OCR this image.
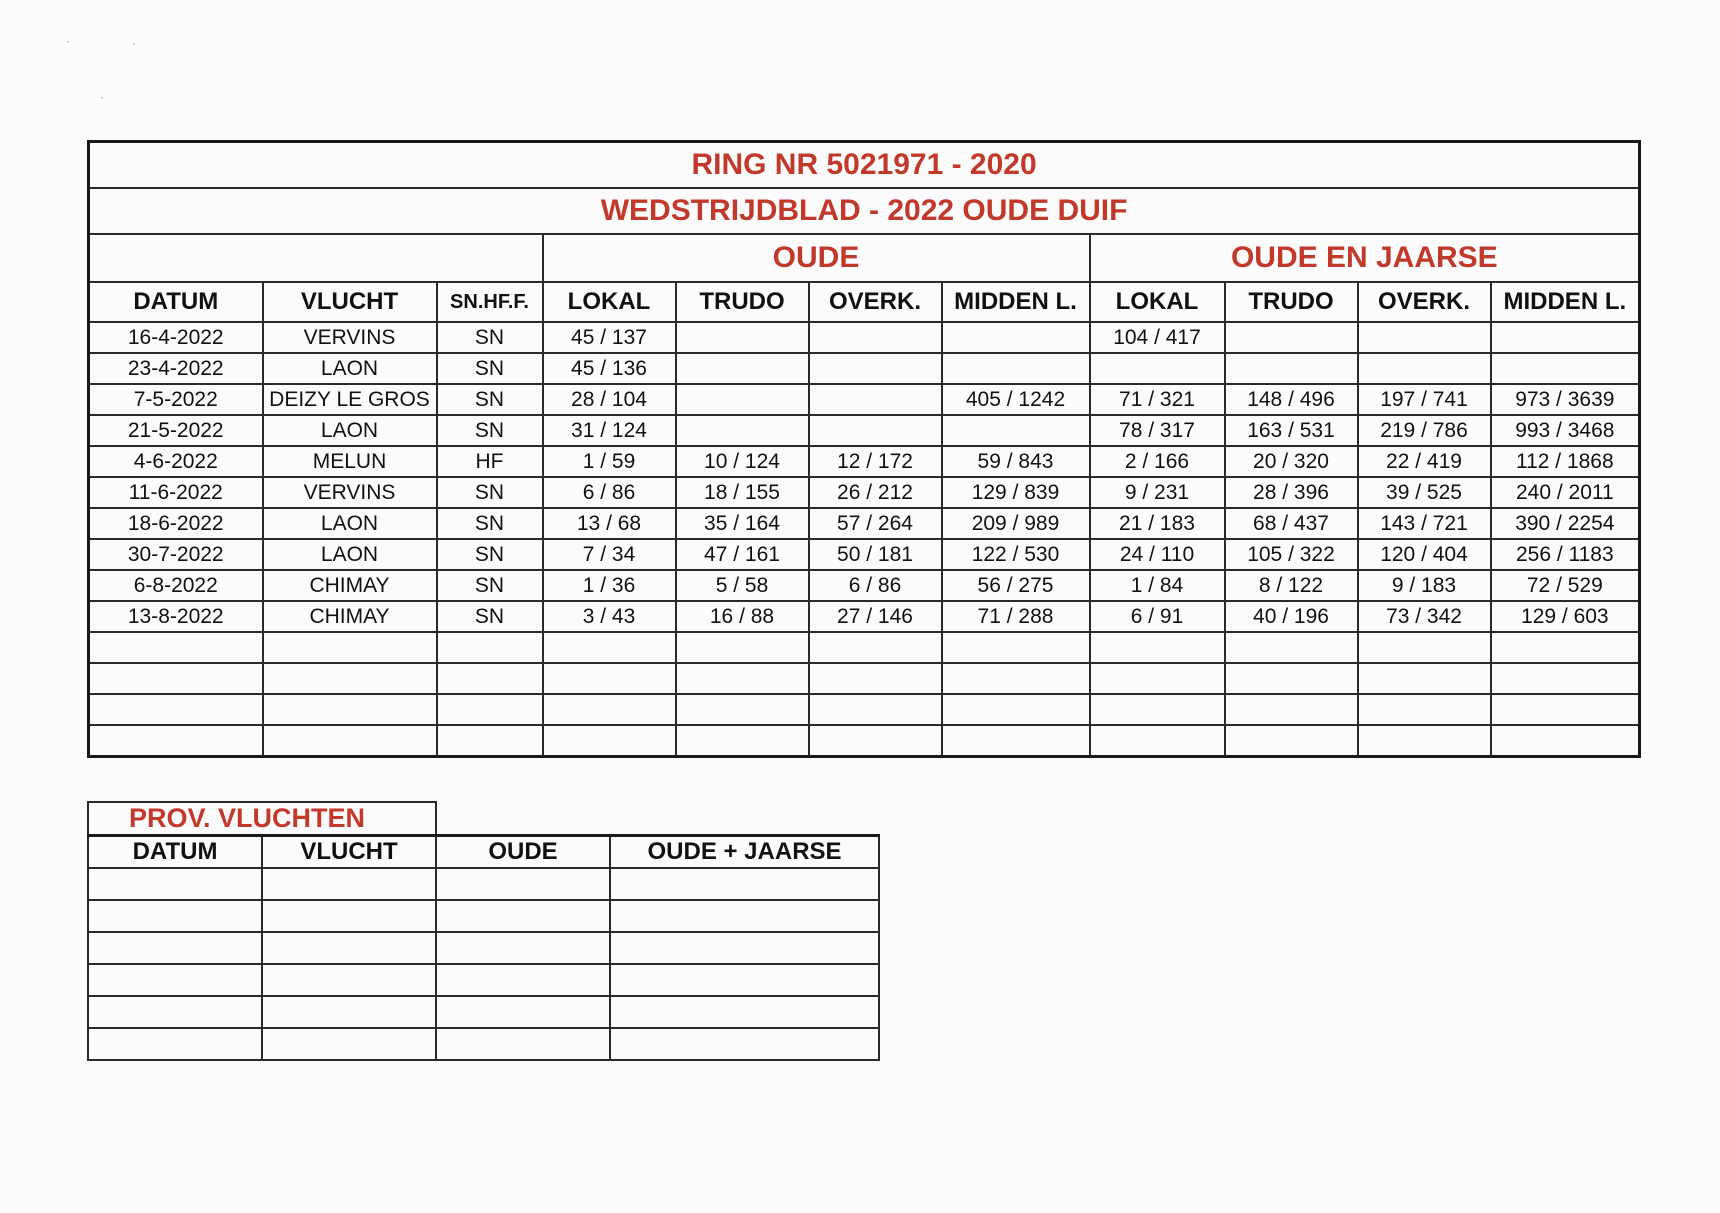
·	·
·
RING NR 5021971 - 2020										
WEDSTRIJDBLAD - 2022 OUDE DUIF										
			OUDE				OUDE EN JAARSE			
DATUM	VLUCHT	SN.HF.F.	LOKAL	TRUDO	OVERK.	MIDDEN L.	LOKAL	TRUDO	OVERK.	MIDDEN L.
16-4-2022	VERVINS	SN	45 / 137				104 / 417			
23-4-2022	LAON	SN	45 / 136							
7-5-2022	DEIZY LE GROS	SN	28 / 104			405 / 1242	71 / 321	148 / 496	197 / 741	973 / 3639
21-5-2022	LAON	SN	31 / 124				78 / 317	163 / 531	219 / 786	993 / 3468
4-6-2022	MELUN	HF	1 / 59	10 / 124	12 / 172	59 / 843	2 / 166	20 / 320	22 / 419	112 / 1868
11-6-2022	VERVINS	SN	6 / 86	18 / 155	26 / 212	129 / 839	9 / 231	28 / 396	39 / 525	240 / 2011
18-6-2022	LAON	SN	13 / 68	35 / 164	57 / 264	209 / 989	21 / 183	68 / 437	143 / 721	390 / 2254
30-7-2022	LAON	SN	7 / 34	47 / 161	50 / 181	122 / 530	24 / 110	105 / 322	120 / 404	256 / 1183
6-8-2022	CHIMAY	SN	1 / 36	5 / 58	6 / 86	56 / 275	1 / 84	8 / 122	9 / 183	72 / 529
13-8-2022	CHIMAY	SN	3 / 43	16 / 88	27 / 146	71 / 288	6 / 91	40 / 196	73 / 342	129 / 603

PROV. VLUCHTEN			
DATUM	VLUCHT	OUDE	OUDE + JAARSE
